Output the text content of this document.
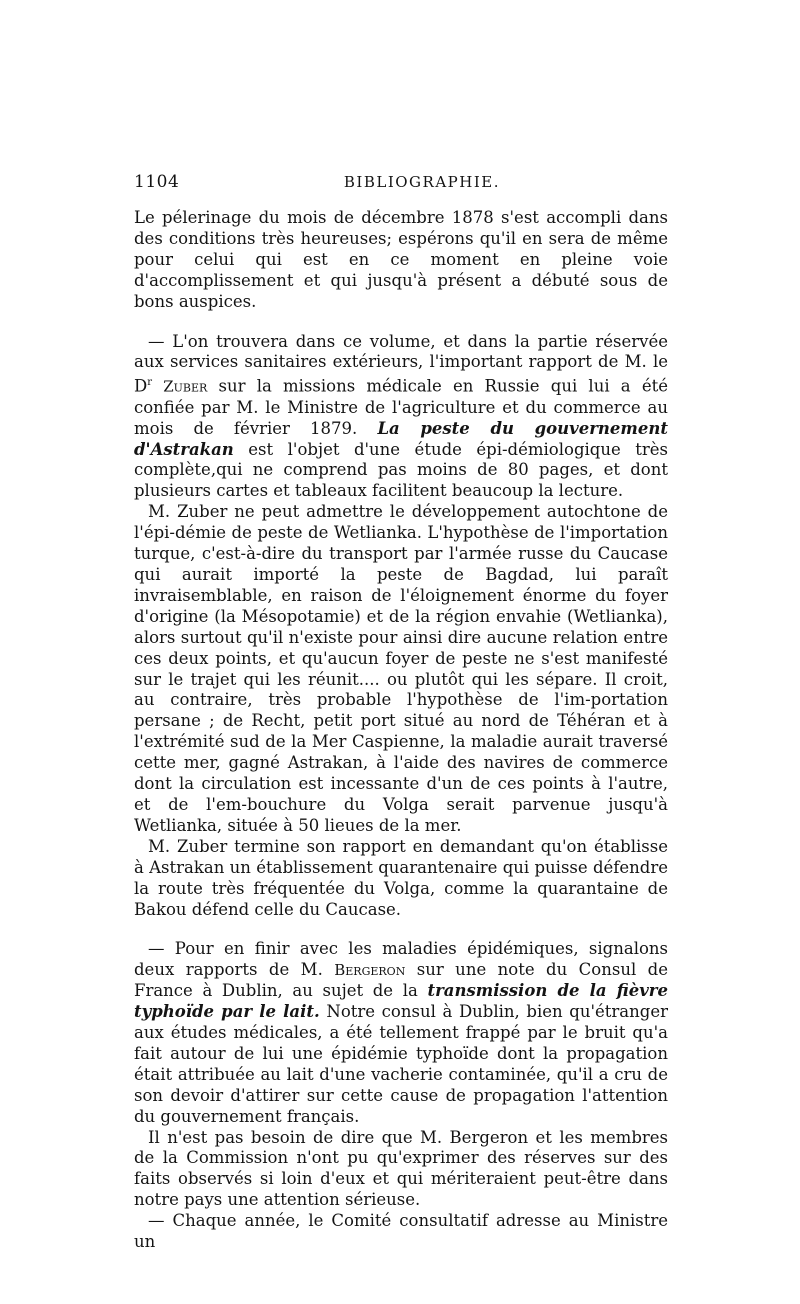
1104	BIBLIOGRAPHIE.

Le pélerinage du mois de décembre 1878 s'est accompli dans des conditions très heureuses; espérons qu'il en sera de même pour celui qui est en ce moment en pleine voie d'accomplissement et qui jusqu'à présent a débuté sous de bons auspices.

— L'on trouvera dans ce volume, et dans la partie réservée aux services sanitaires extérieurs, l'important rapport de M. le $D^r$ Zuber sur la missions médicale en Russie qui lui a été confiée par M. le Ministre de l'agriculture et du commerce au mois de février 1879. La peste du gouvernement d'Astrakan est l'objet d'une étude épi-démiologique très complète,qui ne comprend pas moins de 80 pages, et dont plusieurs cartes et tableaux facilitent beaucoup la lecture.

M. Zuber ne peut admettre le développement autochtone de l'épi-démie de peste de Wetlianka. L'hypothèse de l'importation turque, c'est-à-dire du transport par l'armée russe du Caucase qui aurait importé la peste de Bagdad, lui paraît invraisemblable, en raison de l'éloignement énorme du foyer d'origine (la Mésopotamie) et de la région envahie (Wetlianka), alors surtout qu'il n'existe pour ainsi dire aucune relation entre ces deux points, et qu'aucun foyer de peste ne s'est manifesté sur le trajet qui les réunit.... ou plutôt qui les sépare. Il croit, au contraire, très probable l'hypothèse de l'im-portation persane ; de Recht, petit port situé au nord de Téhéran et à l'extrémité sud de la Mer Caspienne, la maladie aurait traversé cette mer, gagné Astrakan, à l'aide des navires de commerce dont la circulation est incessante d'un de ces points à l'autre, et de l'em-bouchure du Volga serait parvenue jusqu'à Wetlianka, située à 50 lieues de la mer.

M. Zuber termine son rapport en demandant qu'on établisse à Astrakan un établissement quarantenaire qui puisse défendre la route très fréquentée du Volga, comme la quarantaine de Bakou défend celle du Caucase.

— Pour en finir avec les maladies épidémiques, signalons deux rapports de M. Bergeron sur une note du Consul de France à Dublin, au sujet de la transmission de la fièvre typhoïde par le lait. Notre consul à Dublin, bien qu'étranger aux études médicales, a été tellement frappé par le bruit qu'a fait autour de lui une épidémie typhoïde dont la propagation était attribuée au lait d'une vacherie contaminée, qu'il a cru de son devoir d'attirer sur cette cause de propagation l'attention du gouvernement français.

Il n'est pas besoin de dire que M. Bergeron et les membres de la Commission n'ont pu qu'exprimer des réserves sur des faits observés si loin d'eux et qui mériteraient peut-être dans notre pays une attention sérieuse.

— Chaque année, le Comité consultatif adresse au Ministre un
